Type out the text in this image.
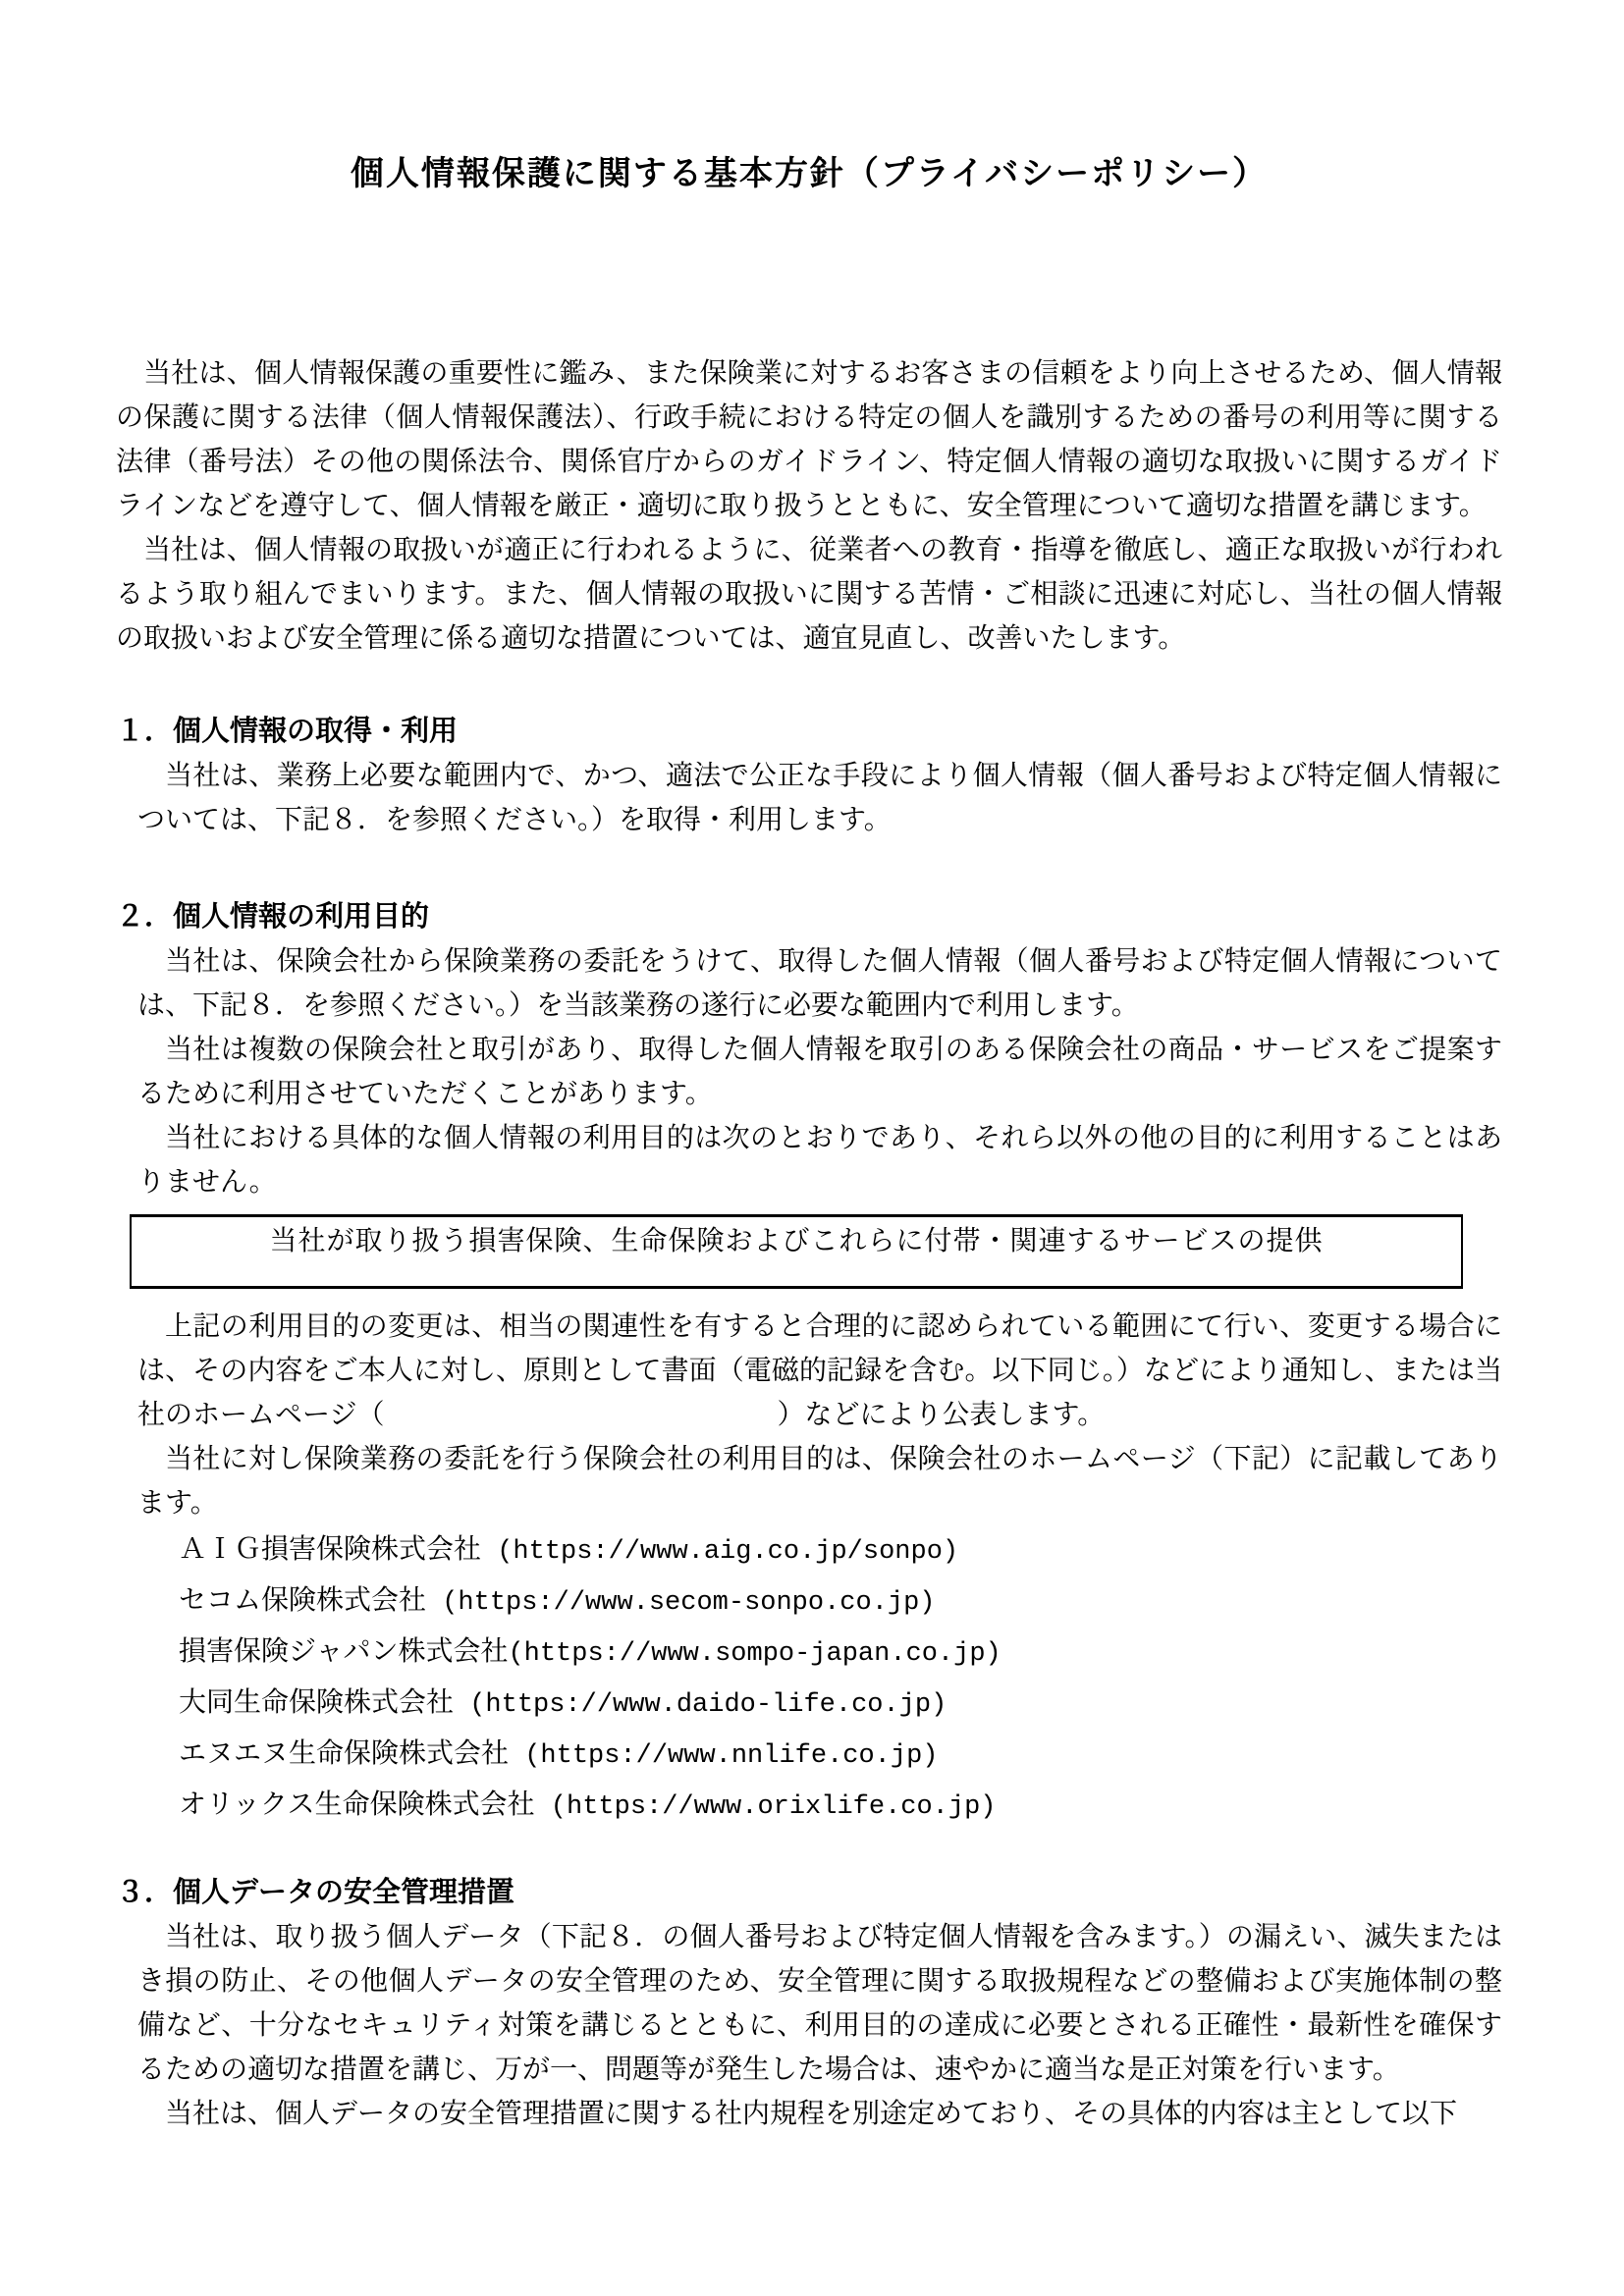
個人情報保護に関する基本方針（プライバシーポリシー）

当社は、個人情報保護の重要性に鑑み、また保険業に対するお客さまの信頼をより向上させるため、個人情報の保護に関する法律（個人情報保護法）、行政手続における特定の個人を識別するための番号の利用等に関する法律（番号法）その他の関係法令、関係官庁からのガイドライン、特定個人情報の適切な取扱いに関するガイドラインなどを遵守して、個人情報を厳正・適切に取り扱うとともに、安全管理について適切な措置を講じます。

当社は、個人情報の取扱いが適正に行われるように、従業者への教育・指導を徹底し、適正な取扱いが行われるよう取り組んでまいります。また、個人情報の取扱いに関する苦情・ご相談に迅速に対応し、当社の個人情報の取扱いおよび安全管理に係る適切な措置については、適宜見直し、改善いたします。

１．個人情報の取得・利用

当社は、業務上必要な範囲内で、かつ、適法で公正な手段により個人情報（個人番号および特定個人情報については、下記８．を参照ください。）を取得・利用します。

２．個人情報の利用目的

当社は、保険会社から保険業務の委託をうけて、取得した個人情報（個人番号および特定個人情報については、下記８．を参照ください。）を当該業務の遂行に必要な範囲内で利用します。

当社は複数の保険会社と取引があり、取得した個人情報を取引のある保険会社の商品・サービスをご提案するために利用させていただくことがあります。

当社における具体的な個人情報の利用目的は次のとおりであり、それら以外の他の目的に利用することはありません。

当社が取り扱う損害保険、生命保険およびこれらに付帯・関連するサービスの提供

上記の利用目的の変更は、相当の関連性を有すると合理的に認められている範囲にて行い、変更する場合には、その内容をご本人に対し、原則として書面（電磁的記録を含む。以下同じ。）などにより通知し、または当社のホームページ（	）などにより公表します。

当社に対し保険業務の委託を行う保険会社の利用目的は、保険会社のホームページ（下記）に記載してあります。

ＡＩＧ損害保険株式会社 (https://www.aig.co.jp/sonpo)
セコム保険株式会社 (https://www.secom-sonpo.co.jp)
損害保険ジャパン株式会社(https://www.sompo-japan.co.jp)
大同生命保険株式会社 (https://www.daido-life.co.jp)
エヌエヌ生命保険株式会社 (https://www.nnlife.co.jp)
オリックス生命保険株式会社 (https://www.orixlife.co.jp)
３．個人データの安全管理措置

当社は、取り扱う個人データ（下記８．の個人番号および特定個人情報を含みます。）の漏えい、滅失またはき損の防止、その他個人データの安全管理のため、安全管理に関する取扱規程などの整備および実施体制の整備など、十分なセキュリティ対策を講じるとともに、利用目的の達成に必要とされる正確性・最新性を確保するための適切な措置を講じ、万が一、問題等が発生した場合は、速やかに適当な是正対策を行います。

当社は、個人データの安全管理措置に関する社内規程を別途定めており、その具体的内容は主として以下
